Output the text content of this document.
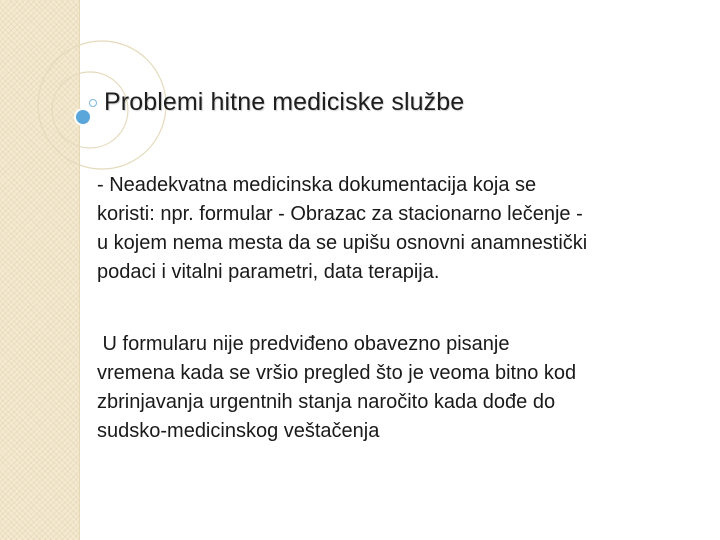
Problemi hitne mediciske službe
- Neadekvatna medicinska dokumentacija koja se
koristi: npr. formular - Obrazac za stacionarno lečenje -
u kojem nema mesta da se upišu osnovni anamnestički
podaci i vitalni parametri, data terapija.
U formularu nije predviđeno obavezno pisanje
vremena kada se vršio pregled što je veoma bitno kod
zbrinjavanja urgentnih stanja naročito kada dođe do
sudsko-medicinskog veštačenja
